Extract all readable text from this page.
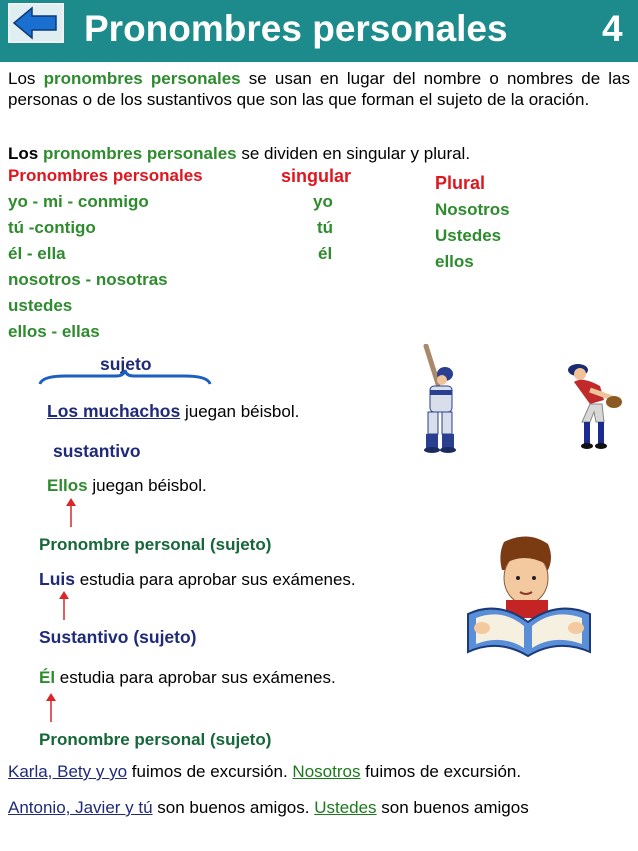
Pronombres personales	4
Los pronombres personales se usan en lugar del nombre o nombres de las personas o de los sustantivos que son las que forman el sujeto de la oración.
Los pronombres personales se dividen en singular y plural.
Pronombres personales
yo - mi - conmigo
tú -contigo
él - ella
nosotros - nosotras
ustedes
ellos - ellas
singular
yo
tú
él
Plural
Nosotros
Ustedes
ellos
sujeto
Los muchachos juegan béisbol.
sustantivo
Ellos juegan béisbol.
Pronombre personal (sujeto)
Luis estudia para aprobar sus exámenes.
Sustantivo (sujeto)
Él estudia para aprobar sus exámenes.
Pronombre personal (sujeto)
Karla, Bety y yo fuimos de excursión. Nosotros fuimos de excursión.
Antonio, Javier y tú son buenos amigos. Ustedes son buenos amigos
